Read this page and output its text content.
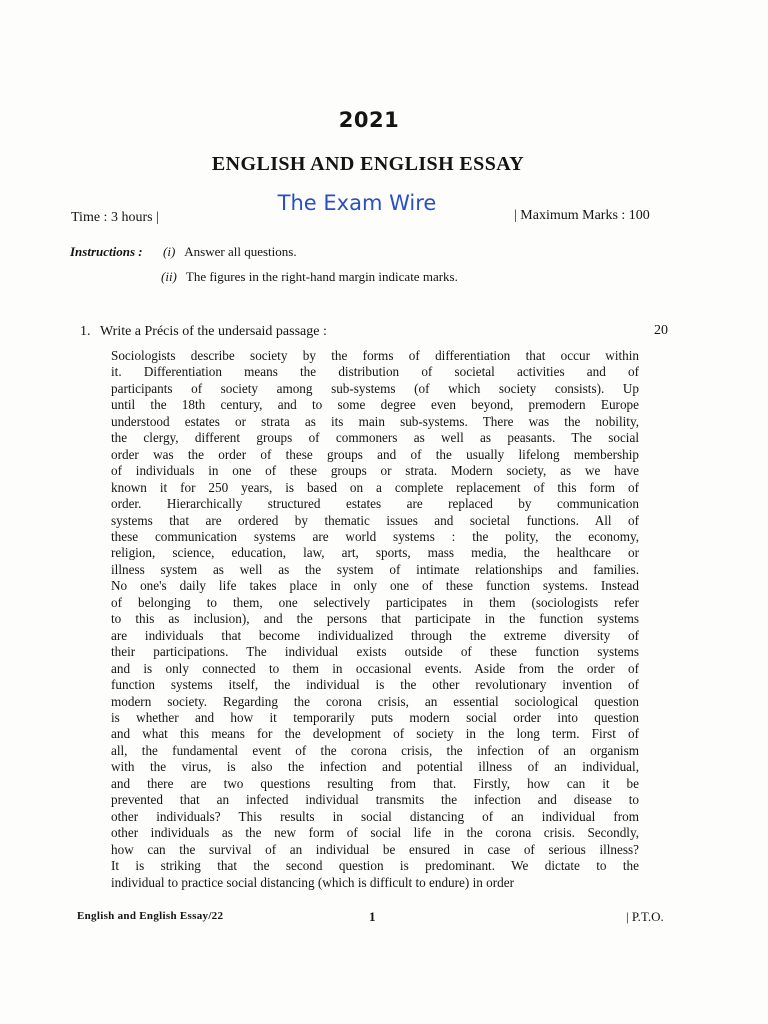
2021
ENGLISH AND ENGLISH ESSAY
The Exam Wire
Time : 3 hours |	| Maximum Marks : 100
Instructions : (i) Answer all questions.
(ii) The figures in the right-hand margin indicate marks.
1. Write a Précis of the undersaid passage :	20
Sociologists describe society by the forms of differentiation that occur within
it. Differentiation means the distribution of societal activities and of
participants of society among sub-systems (of which society consists). Up
until the 18th century, and to some degree even beyond, premodern Europe
understood estates or strata as its main sub-systems. There was the nobility,
the clergy, different groups of commoners as well as peasants. The social
order was the order of these groups and of the usually lifelong membership
of individuals in one of these groups or strata. Modern society, as we have
known it for 250 years, is based on a complete replacement of this form of
order. Hierarchically structured estates are replaced by communication
systems that are ordered by thematic issues and societal functions. All of
these communication systems are world systems : the polity, the economy,
religion, science, education, law, art, sports, mass media, the healthcare or
illness system as well as the system of intimate relationships and families.
No one's daily life takes place in only one of these function systems. Instead
of belonging to them, one selectively participates in them (sociologists refer
to this as inclusion), and the persons that participate in the function systems
are individuals that become individualized through the extreme diversity of
their participations. The individual exists outside of these function systems
and is only connected to them in occasional events. Aside from the order of
function systems itself, the individual is the other revolutionary invention of
modern society. Regarding the corona crisis, an essential sociological question
is whether and how it temporarily puts modern social order into question
and what this means for the development of society in the long term. First of
all, the fundamental event of the corona crisis, the infection of an organism
with the virus, is also the infection and potential illness of an individual,
and there are two questions resulting from that. Firstly, how can it be
prevented that an infected individual transmits the infection and disease to
other individuals? This results in social distancing of an individual from
other individuals as the new form of social life in the corona crisis. Secondly,
how can the survival of an individual be ensured in case of serious illness?
It is striking that the second question is predominant. We dictate to the
individual to practice social distancing (which is difficult to endure) in order
English and English Essay/22	1	| P.T.O.
